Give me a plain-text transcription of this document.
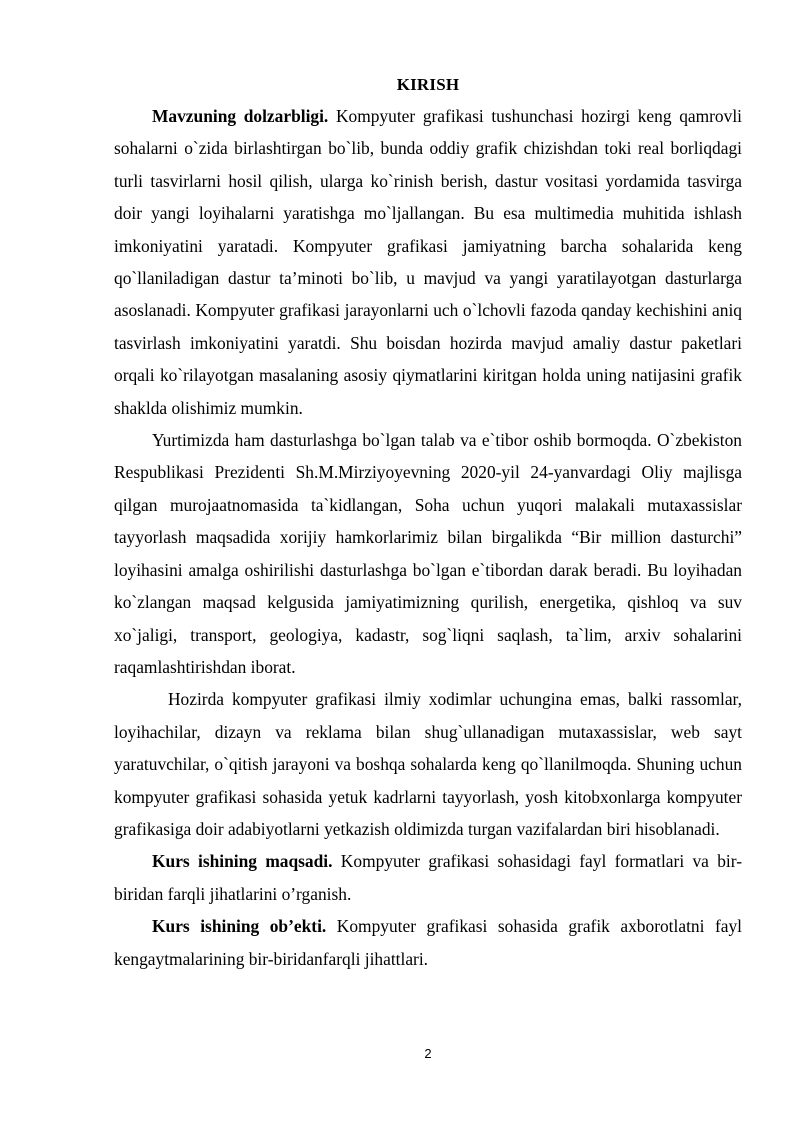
KIRISH

Mavzuning dolzarbligi. Kompyuter grafikasi tushunchasi hozirgi keng qamrovli sohalarni o`zida birlashtirgan bo`lib, bunda oddiy grafik chizishdan toki real borliqdagi turli tasvirlarni hosil qilish, ularga ko`rinish berish, dastur vositasi yordamida tasvirga doir yangi loyihalarni yaratishga mo`ljallangan. Bu esa multimedia muhitida ishlash imkoniyatini yaratadi. Kompyuter grafikasi jamiyatning barcha sohalarida keng qo`llaniladigan dastur ta’minoti bo`lib, u mavjud va yangi yaratilayotgan dasturlarga asoslanadi. Kompyuter grafikasi jarayonlarni uch o`lchovli fazoda qanday kechishini aniq tasvirlash imkoniyatini yaratdi. Shu boisdan hozirda mavjud amaliy dastur paketlari orqali ko`rilayotgan masalaning asosiy qiymatlarini kiritgan holda uning natijasini grafik shaklda olishimiz mumkin.

Yurtimizda ham dasturlashga bo`lgan talab va e`tibor oshib bormoqda. O`zbekiston Respublikasi Prezidenti Sh.M.Mirziyoyevning 2020-yil 24-yanvardagi Oliy majlisga qilgan murojaatnomasida ta`kidlangan, Soha uchun yuqori malakali mutaxassislar tayyorlash maqsadida xorijiy hamkorlarimiz bilan birgalikda “Bir million dasturchi” loyihasini amalga oshirilishi dasturlashga bo`lgan e`tibordan darak beradi. Bu loyihadan ko`zlangan maqsad kelgusida jamiyatimizning qurilish, energetika, qishloq va suv xo`jaligi, transport, geologiya, kadastr, sog`liqni saqlash, ta`lim, arxiv sohalarini raqamlashtirishdan iborat.

Hozirda kompyuter grafikasi ilmiy xodimlar uchungina emas, balki rassomlar, loyihachilar, dizayn va reklama bilan shug`ullanadigan mutaxassislar, web sayt yaratuvchilar, o`qitish jarayoni va boshqa sohalarda keng qo`llanilmoqda. Shuning uchun kompyuter grafikasi sohasida yetuk kadrlarni tayyorlash, yosh kitobxonlarga kompyuter grafikasiga doir adabiyotlarni yetkazish oldimizda turgan vazifalardan biri hisoblanadi.

Kurs ishining maqsadi. Kompyuter grafikasi sohasidagi fayl formatlari va bir-biridan farqli jihatlarini o’rganish.

Kurs ishining ob’ekti. Kompyuter grafikasi sohasida grafik axborotlatni fayl kengaytmalarining bir-biridanfarqli jihattlari.

2
